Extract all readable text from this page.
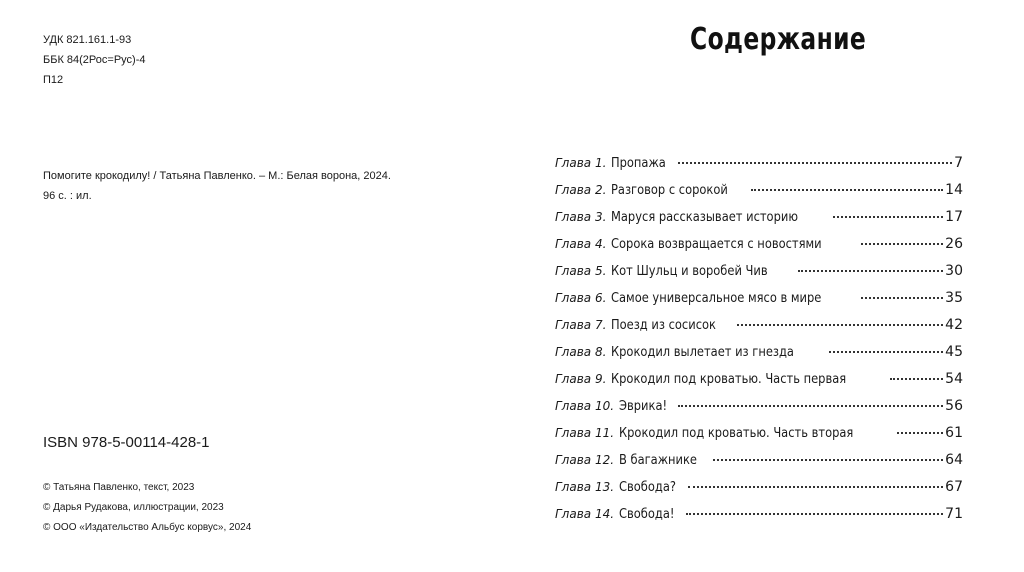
УДК 821.161.1-93
ББК 84(2Рос=Рус)-4
П12
Помогите крокодилу! / Татьяна Павленко. – М.: Белая ворона, 2024.
96 с. : ил.
ISBN 978-5-00114-428-1
© Татьяна Павленко, текст, 2023
© Дарья Рудакова, иллюстрации, 2023
© ООО «Издательство Альбус корвус», 2024
Содержание
Глава 1. Пропажа	7
Глава 2. Разговор с сорокой	14
Глава 3. Маруся рассказывает историю	17
Глава 4. Сорока возвращается с новостями	26
Глава 5. Кот Шульц и воробей Чив	30
Глава 6. Самое универсальное мясо в мире	35
Глава 7. Поезд из сосисок	42
Глава 8. Крокодил вылетает из гнезда	45
Глава 9. Крокодил под кроватью. Часть первая	54
Глава 10. Эврика!	56
Глава 11. Крокодил под кроватью. Часть вторая	61
Глава 12. В багажнике	64
Глава 13. Свобода?	67
Глава 14. Свобода!	71
